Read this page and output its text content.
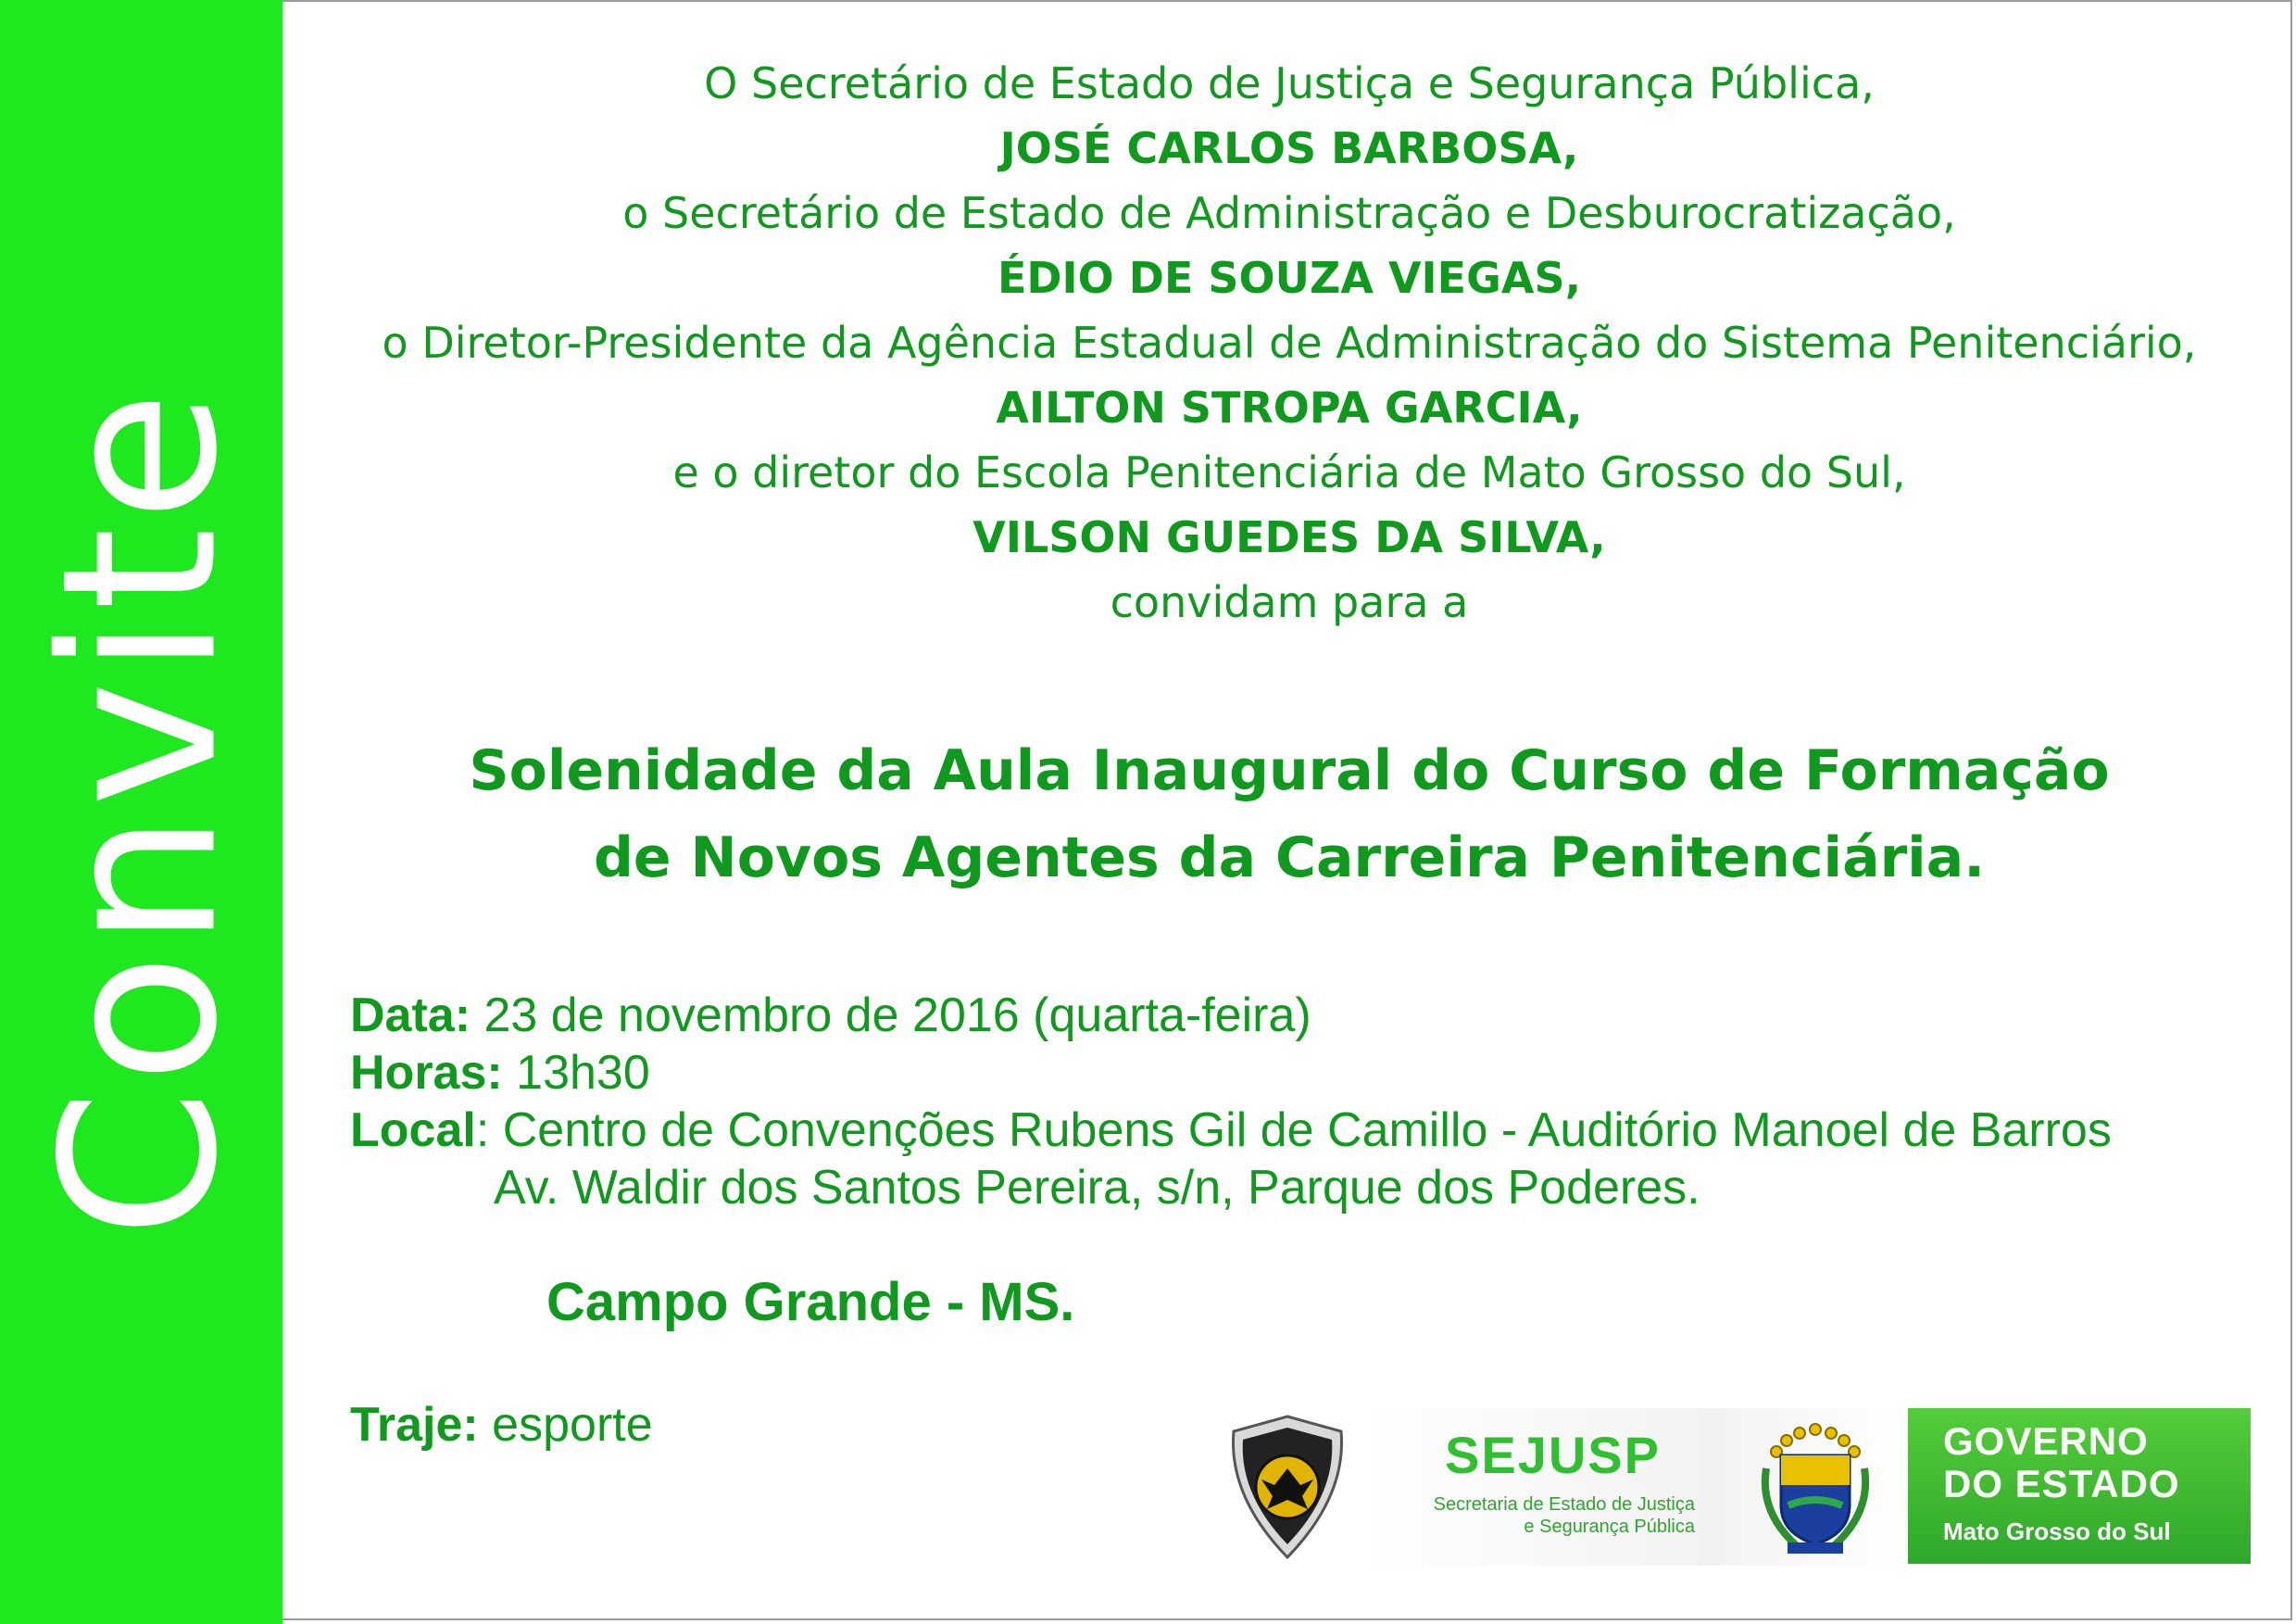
Convite
O Secretário de Estado de Justiça e Segurança Pública,
JOSÉ CARLOS BARBOSA,
o Secretário de Estado de Administração e Desburocratização,
ÉDIO DE SOUZA VIEGAS,
o Diretor-Presidente da Agência Estadual de Administração do Sistema Penitenciário,
AILTON STROPA GARCIA,
e o diretor do Escola Penitenciária de Mato Grosso do Sul,
VILSON GUEDES DA SILVA,
convidam para a
Solenidade da Aula Inaugural do Curso de Formação
de Novos Agentes da Carreira Penitenciária.
Data: 23 de novembro de 2016 (quarta-feira)
Horas: 13h30
Local: Centro de Convenções Rubens Gil de Camillo - Auditório Manoel de Barros
Av. Waldir dos Santos Pereira, s/n, Parque dos Poderes.
Campo Grande - MS.
Traje: esporte
SEJUSP
Secretaria de Estado de Justiça
e Segurança Pública
GOVERNO
DO ESTADO
Mato Grosso do Sul
